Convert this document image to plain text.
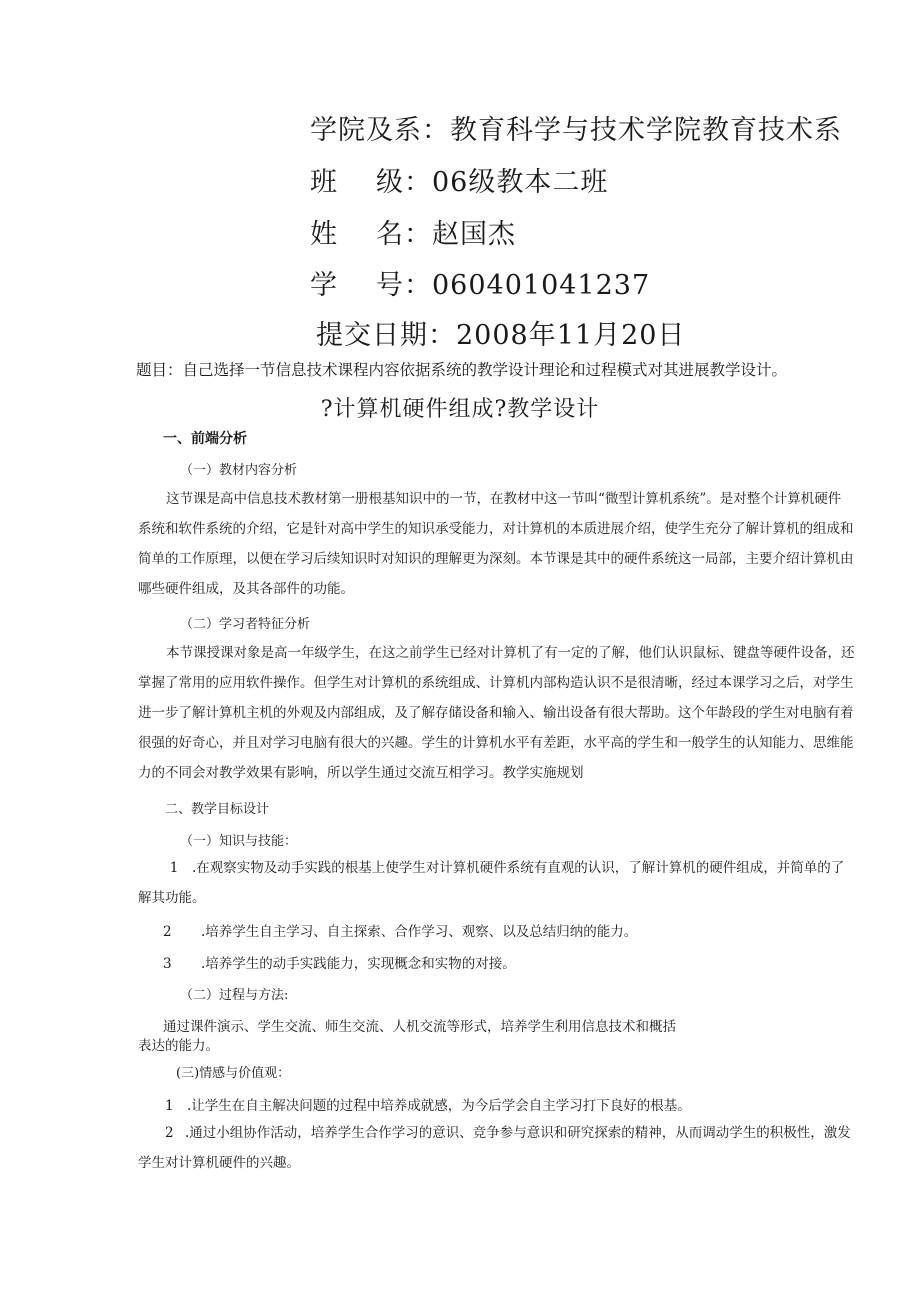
学院及系：教育科学与技术学院教育技术系
班 级：06级教本二班
姓 名：赵国杰
学 号：060401041237
提交日期：2008年11月20日
题目：自己选择一节信息技术课程内容依据系统的教学设计理论和过程模式对其进展教学设计。
?计算机硬件组成?教学设计
一、前端分析
（一）教材内容分析
这节课是高中信息技术教材第一册根基知识中的一节，在教材中这一节叫“微型计算机系统”。是对整个计算机硬件系统和软件系统的介绍，它是针对高中学生的知识承受能力，对计算机的本质进展介绍，使学生充分了解计算机的组成和简单的工作原理，以便在学习后续知识时对知识的理解更为深刻。本节课是其中的硬件系统这一局部，主要介绍计算机由哪些硬件组成，及其各部件的功能。
（二）学习者特征分析
本节课授课对象是高一年级学生，在这之前学生已经对计算机了有一定的了解，他们认识鼠标、键盘等硬件设备，还掌握了常用的应用软件操作。但学生对计算机的系统组成、计算机内部构造认识不是很清晰，经过本课学习之后，对学生进一步了解计算机主机的外观及内部组成，及了解存储设备和输入、输出设备有很大帮助。这个年龄段的学生对电脑有着很强的好奇心，并且对学习电脑有很大的兴趣。学生的计算机水平有差距，水平高的学生和一般学生的认知能力、思维能力的不同会对教学效果有影响，所以学生通过交流互相学习。教学实施规划
二、教学目标设计
（一）知识与技能：
1 .在观察实物及动手实践的根基上使学生对计算机硬件系统有直观的认识，了解计算机的硬件组成，并简单的了解其功能。
2 .培养学生自主学习、自主探索、合作学习、观察、以及总结归纳的能力。
3 .培养学生的动手实践能力，实现概念和实物的对接。
（二）过程与方法:
通过课件演示、学生交流、师生交流、人机交流等形式，培养学生利用信息技术和概括
表达的能力。
(三)情感与价值观：
1 .让学生在自主解决问题的过程中培养成就感，为今后学会自主学习打下良好的根基。
2 .通过小组协作活动，培养学生合作学习的意识、竞争参与意识和研究探索的精神，从而调动学生的积极性，激发学生对计算机硬件的兴趣。
